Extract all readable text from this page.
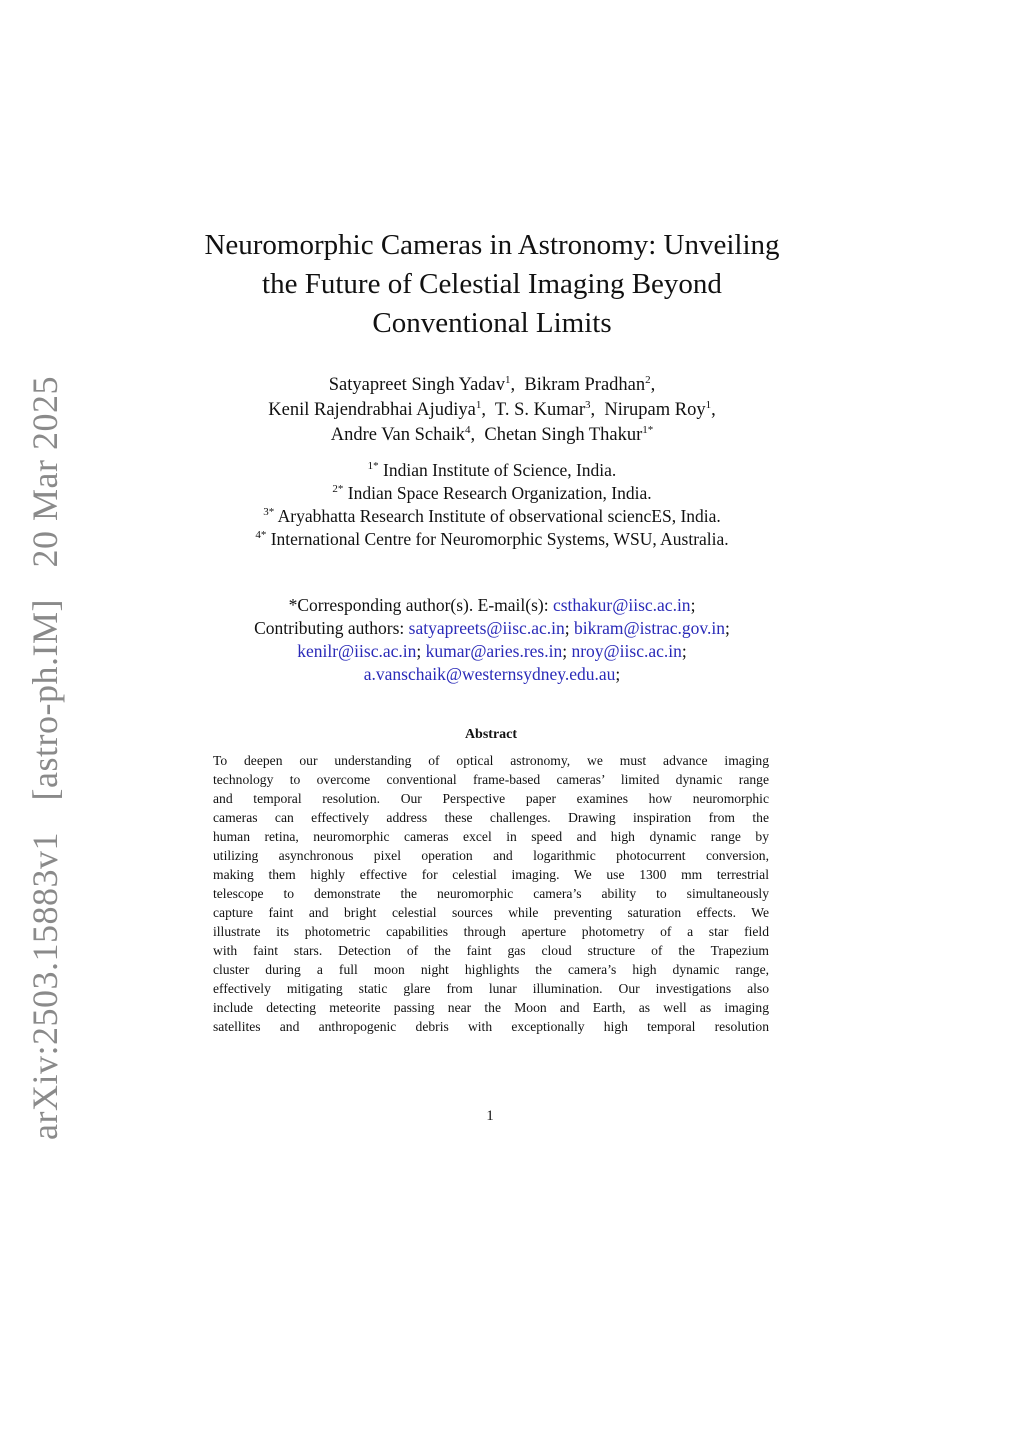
arXiv:2503.15883v1 [astro-ph.IM] 20 Mar 2025
Neuromorphic Cameras in Astronomy: Unveiling
the Future of Celestial Imaging Beyond
Conventional Limits
Satyapreet Singh Yadav$^1$, Bikram Pradhan$^2$,
Kenil Rajendrabhai Ajudiya$^1$, T. S. Kumar$^3$, Nirupam Roy$^1$,
Andre Van Schaik$^4$, Chetan Singh Thakur$^{1*}$
$^{1*}$ Indian Institute of Science, India.
$^{2*}$ Indian Space Research Organization, India.
$^{3*}$ Aryabhatta Research Institute of observational sciencES, India.
$^{4*}$ International Centre for Neuromorphic Systems, WSU, Australia.
*Corresponding author(s). E-mail(s): csthakur@iisc.ac.in;
Contributing authors: satyapreets@iisc.ac.in; bikram@istrac.gov.in;
kenilr@iisc.ac.in; kumar@aries.res.in; nroy@iisc.ac.in;
a.vanschaik@westernsydney.edu.au;
Abstract
To deepen our understanding of optical astronomy, we must advance imaging
technology to overcome conventional frame-based cameras’ limited dynamic range
and temporal resolution. Our Perspective paper examines how neuromorphic
cameras can effectively address these challenges. Drawing inspiration from the
human retina, neuromorphic cameras excel in speed and high dynamic range by
utilizing asynchronous pixel operation and logarithmic photocurrent conversion,
making them highly effective for celestial imaging. We use 1300 mm terrestrial
telescope to demonstrate the neuromorphic camera’s ability to simultaneously
capture faint and bright celestial sources while preventing saturation effects. We
illustrate its photometric capabilities through aperture photometry of a star field
with faint stars. Detection of the faint gas cloud structure of the Trapezium
cluster during a full moon night highlights the camera’s high dynamic range,
effectively mitigating static glare from lunar illumination. Our investigations also
include detecting meteorite passing near the Moon and Earth, as well as imaging
satellites and anthropogenic debris with exceptionally high temporal resolution
1
